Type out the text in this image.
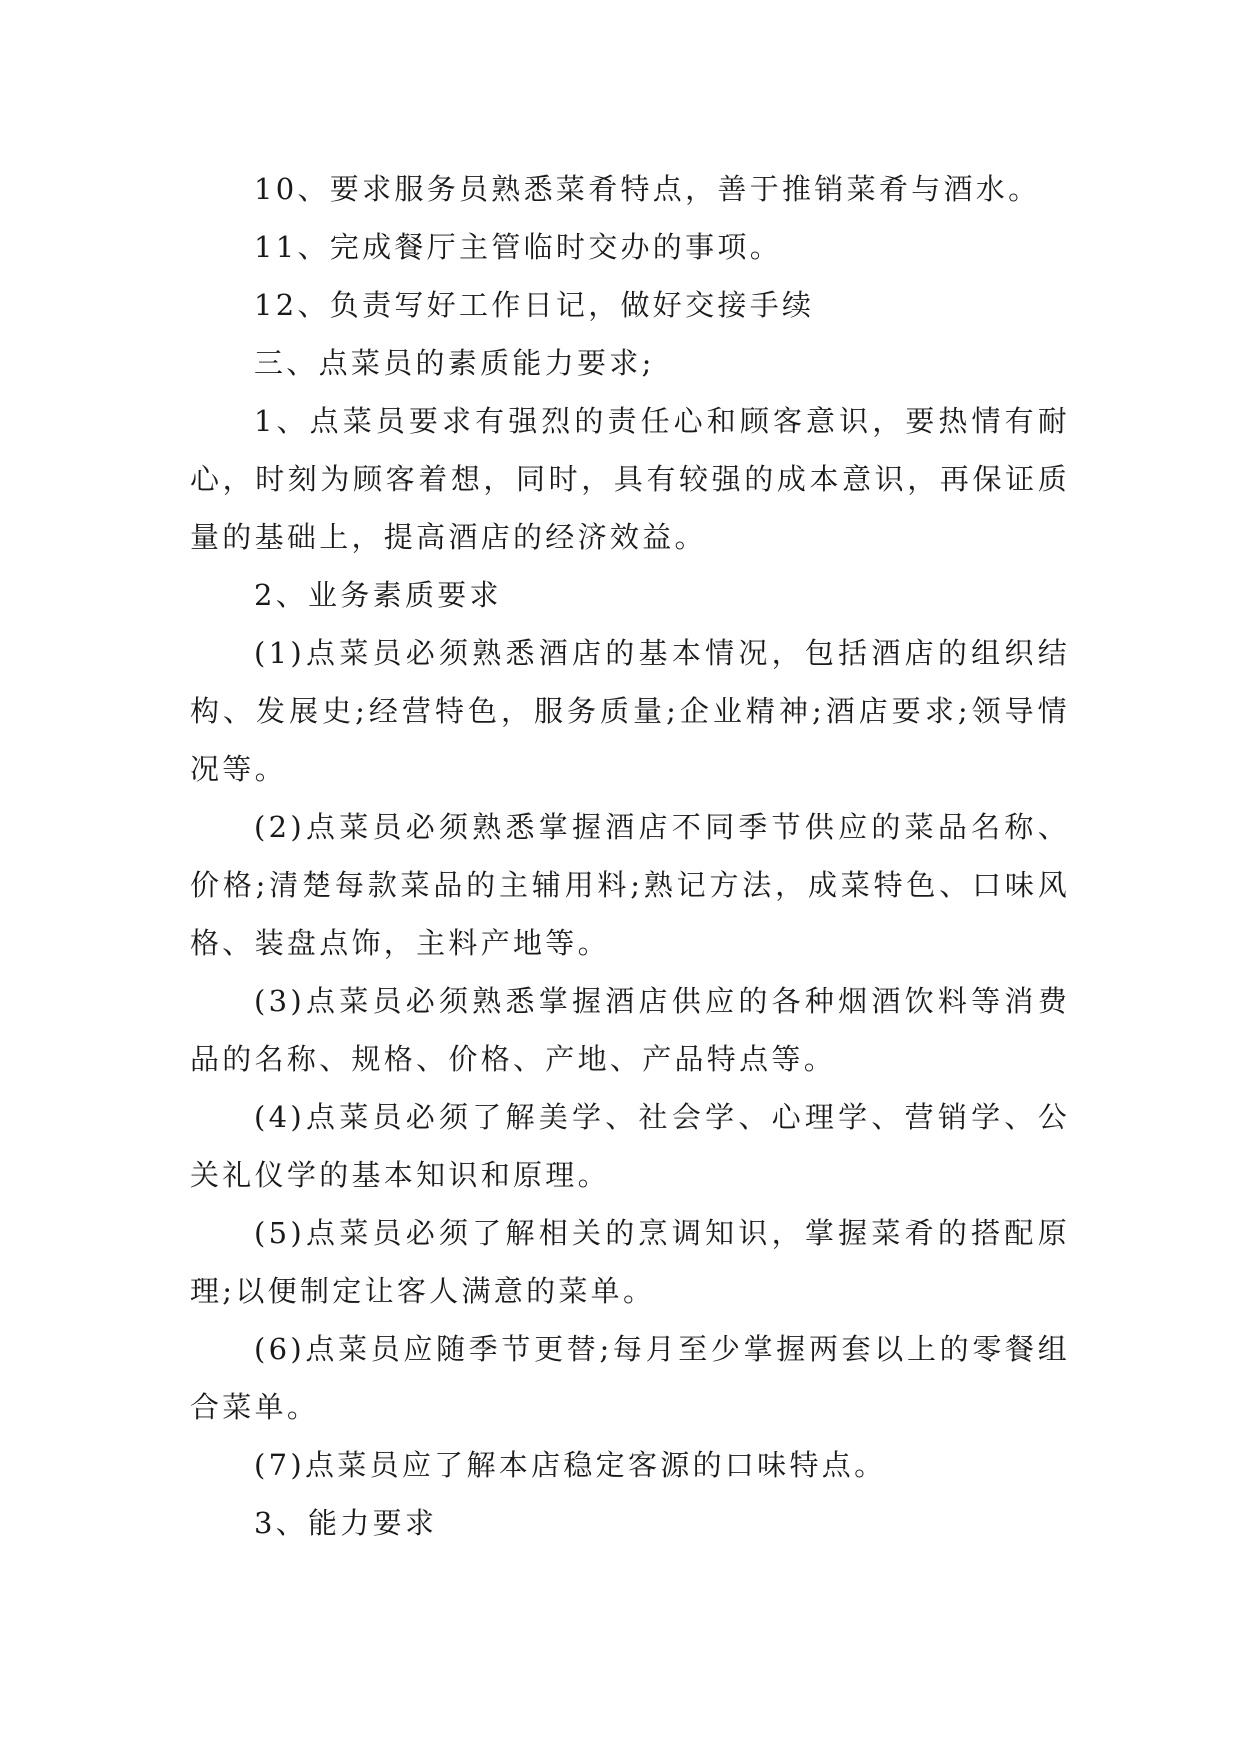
10、要求服务员熟悉菜肴特点，善于推销菜肴与酒水。

11、完成餐厅主管临时交办的事项。

12、负责写好工作日记，做好交接手续

三、点菜员的素质能力要求;

1、点菜员要求有强烈的责任心和顾客意识，要热情有耐心，时刻为顾客着想，同时，具有较强的成本意识，再保证质量的基础上，提高酒店的经济效益。

2、业务素质要求

(1)点菜员必须熟悉酒店的基本情况，包括酒店的组织结构、发展史;经营特色，服务质量;企业精神;酒店要求;领导情况等。

(2)点菜员必须熟悉掌握酒店不同季节供应的菜品名称、价格;清楚每款菜品的主辅用料;熟记方法，成菜特色、口味风格、装盘点饰，主料产地等。

(3)点菜员必须熟悉掌握酒店供应的各种烟酒饮料等消费品的名称、规格、价格、产地、产品特点等。

(4)点菜员必须了解美学、社会学、心理学、营销学、公关礼仪学的基本知识和原理。

(5)点菜员必须了解相关的烹调知识，掌握菜肴的搭配原理;以便制定让客人满意的菜单。

(6)点菜员应随季节更替;每月至少掌握两套以上的零餐组合菜单。

(7)点菜员应了解本店稳定客源的口味特点。

3、能力要求
